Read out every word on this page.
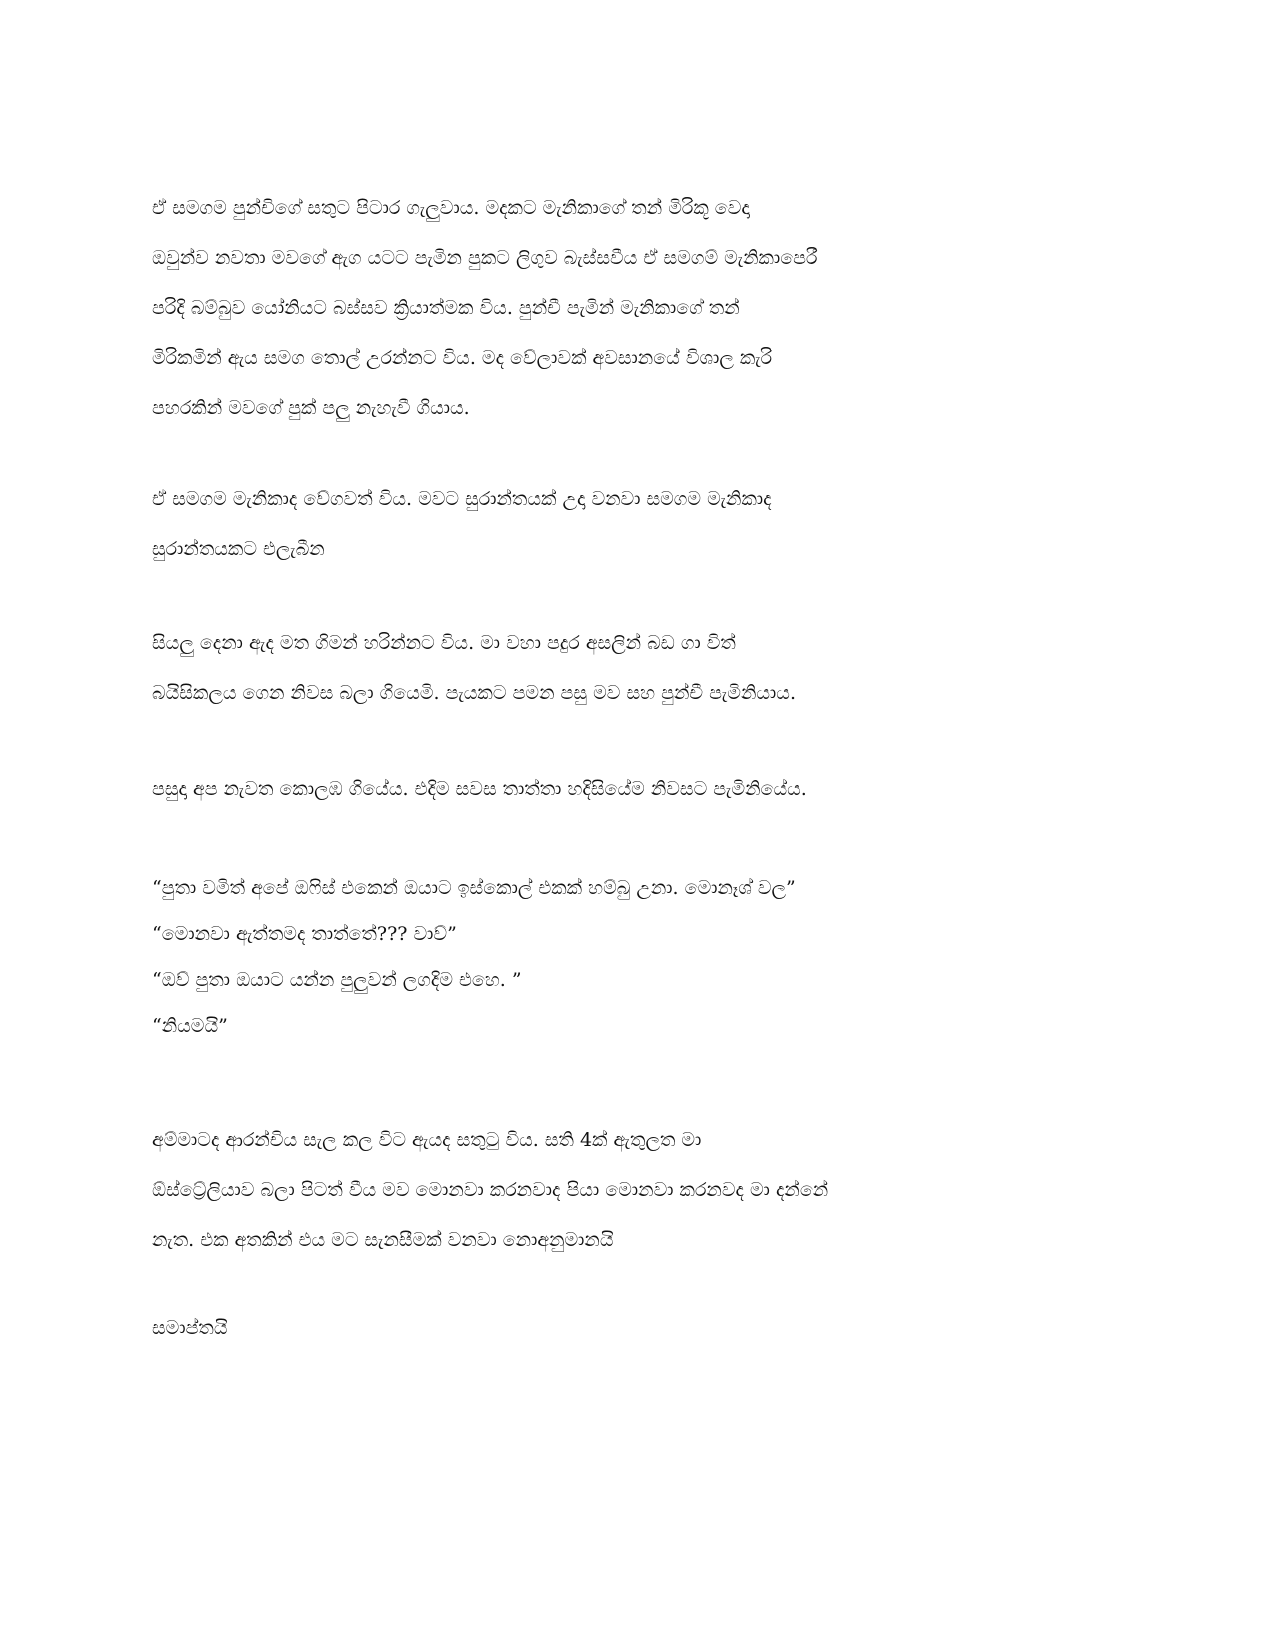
ඒ සමගම පුන්චිගේ සතුට පිටාර ගැලුවාය. මදකට මැනිකාගේ තන් මිරිකූ වෙදා
ඔවුන්ව නවතා මවගේ ඇග යටට පැමින පුකට ලිගුව බැස්සවීය ඒ සමගම් මැනිකාපෙරී
පරිදි බම්බුව යෝනියට බස්සව ක්‍රියාත්මක විය. පුන්චී පැමින් මැනිකාගේ තන්
මිරිකමින් ඇය සමග තොල් උරන්නට විය. මද වේලාවක් අවසානයේ විශාල කැරි
පහරකින් මවගේ පුක් පලු නැහැවී ගියාය.
ඒ සමගම මැනිකාද වේගවත් විය. මවට සුරාන්තයක් උදා වනවා සමගම මැනිකාද
සුරාන්තයකට එලැබීන
සියලු දෙනා ඇද මත ගිමන් හරින්නට විය. මා වහා පදුර අසලින් බඩ ගා විත්
බයිසිකලය ගෙන නිවස බලා ගියෙමි. පැයකට පමන පසු මව සහ පුන්චී පැමිනියාය.
පසුදා අප නැවත කොලඹ ගියේය. එදිම සවස තාත්තා හදිසියේම නිවසට පැමිනියේය.
“පුතා වමිත් අපේ ඔෆිස් එකෙන් ඔයාට ඉස්කොල් එකක් හම්බු උනා. මොනෑශ් වල”
“මොනවා ඇත්තමද තාත්තේ??? වාව්”
“ඔව් පුතා ඔයාට යන්න පුලුවන් ලගදිම එහෙ. ”
“නියමයි”
අම්මාටද ආරන්චිය සැල කල විට ඇයද සතුටු විය. සති 4ක් ඇතුලත මා
ඕස්ට්‍රේලියාව බලා පිටත් වීය මව මොනවා කරනවාද පියා මොනවා කරනවද මා දන්නේ
නැත. එක අතකින් එය මට සැනසීමක් වනවා නොඅනුමානයි
සමාප්තයි
